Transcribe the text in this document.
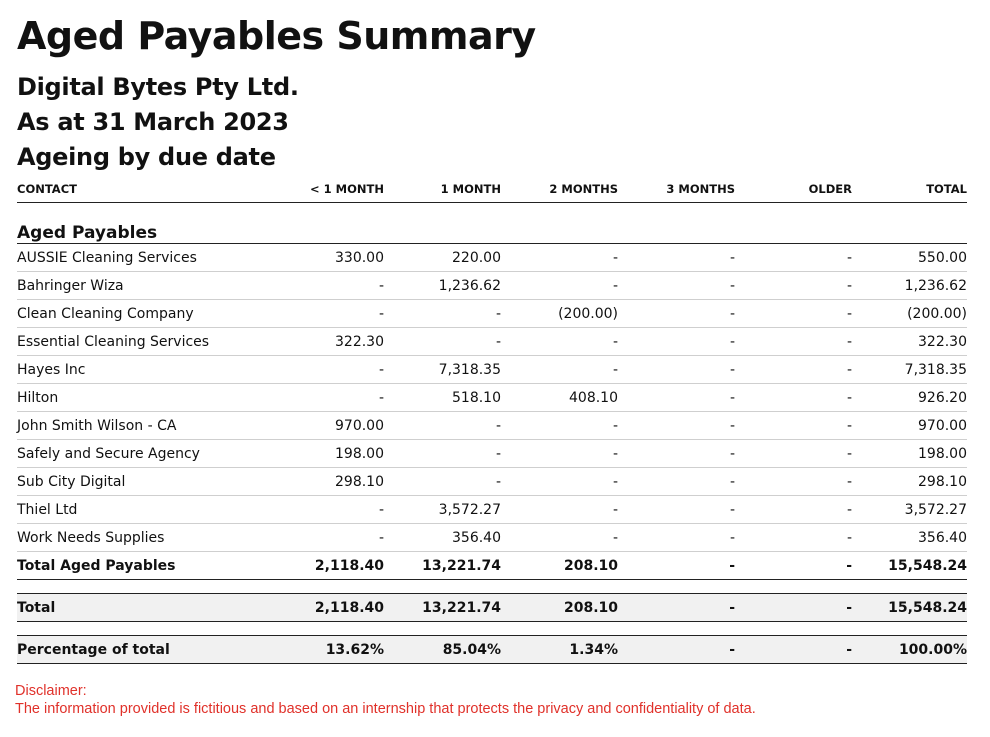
Aged Payables Summary
Digital Bytes Pty Ltd.
As at 31 March 2023
Ageing by due date
CONTACT	< 1 MONTH	1 MONTH	2 MONTHS	3 MONTHS	OLDER	TOTAL
Aged Payables						
AUSSIE Cleaning Services	330.00	220.00	-	-	-	550.00
Bahringer Wiza	-	1,236.62	-	-	-	1,236.62
Clean Cleaning Company	-	-	(200.00)	-	-	(200.00)
Essential Cleaning Services	322.30	-	-	-	-	322.30
Hayes Inc	-	7,318.35	-	-	-	7,318.35
Hilton	-	518.10	408.10	-	-	926.20
John Smith Wilson - CA	970.00	-	-	-	-	970.00
Safely and Secure Agency	198.00	-	-	-	-	198.00
Sub City Digital	298.10	-	-	-	-	298.10
Thiel Ltd	-	3,572.27	-	-	-	3,572.27
Work Needs Supplies	-	356.40	-	-	-	356.40
Total Aged Payables	2,118.40	13,221.74	208.10	-	-	15,548.24

Total	2,118.40	13,221.74	208.10	-	-	15,548.24

Percentage of total	13.62%	85.04%	1.34%	-	-	100.00%
Disclaimer:
The information provided is fictitious and based on an internship that protects the privacy and confidentiality of data.
